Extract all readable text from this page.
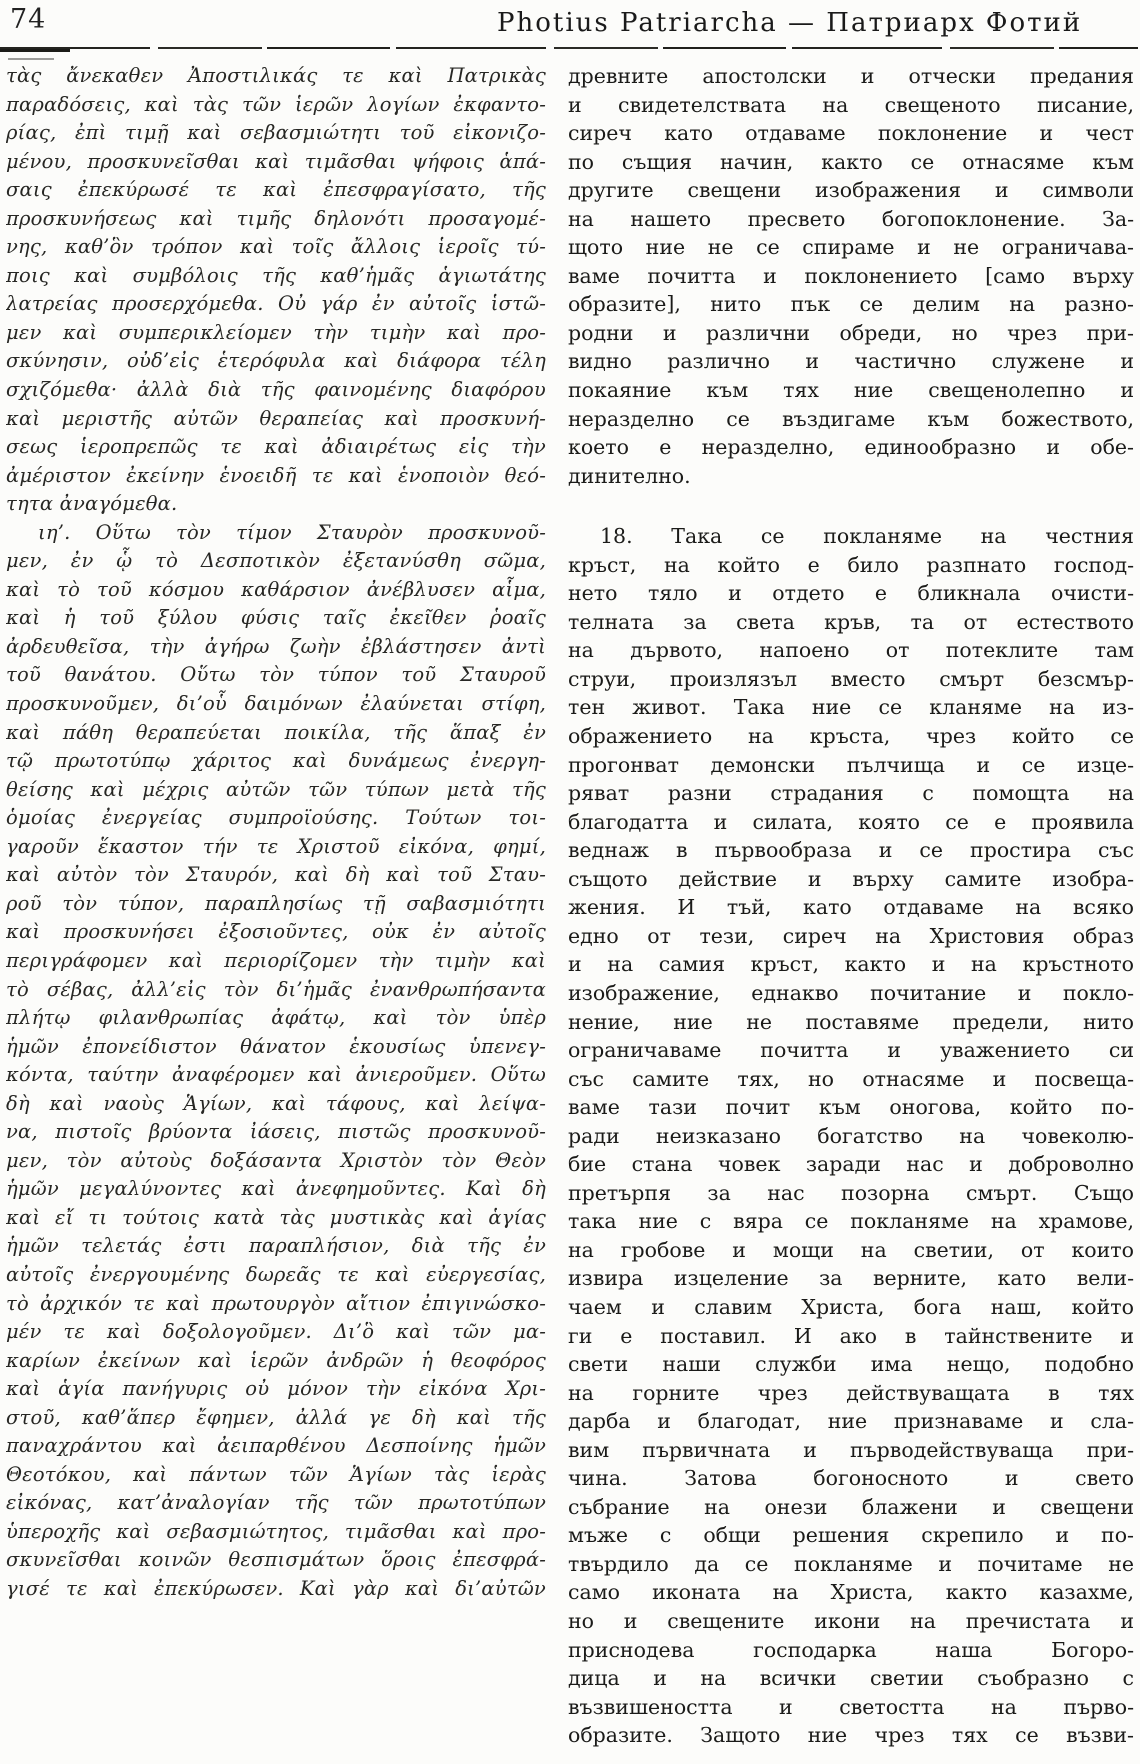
74	Photius Patriarcha — Патриарх Фотий
τὰς ἄνεκαθεν Ἀποστιλικάς τε καὶ Πατρικὰς
παραδόσεις, καὶ τὰς τῶν ἱερῶν λογίων ἐκφαντο-
ρίας, ἐπὶ τιμῇ καὶ σεβασμιώτητι τοῦ εἰκονιζο-
μένου, προσκυνεῖσθαι καὶ τιμᾶσθαι ψήφοις ἁπά-
σαις ἐπεκύρωσέ τε καὶ ἐπεσφραγίσατο, τῆς
προσκυνήσεως καὶ τιμῆς δηλονότι προσαγομέ-
νης, καθ’ὃν τρόπον καὶ τοῖς ἄλλοις ἱεροῖς τύ-
ποις καὶ συμβόλοις τῆς καθ’ἡμᾶς ἁγιωτάτης
λατρείας προσερχόμεθα. Οὐ γάρ ἐν αὐτοῖς ἱστῶ-
μεν καὶ συμπερικλείομεν τὴν τιμὴν καὶ προ-
σκύνησιν, οὐδ’εἰς ἑτερόφυλα καὶ διάφορα τέλη
σχιζόμεθα· ἀλλὰ διὰ τῆς φαινομένης διαφόρου
καὶ μεριστῆς αὐτῶν θεραπείας καὶ προσκυνή-
σεως ἱεροπρεπῶς τε καὶ ἀδιαιρέτως εἰς τὴν
ἀμέριστον ἐκείνην ἑνοειδῆ τε καὶ ἑνοποιὸν θεό-
τητα ἀναγόμεθα.
ιη’. Οὕτω τὸν τίμον Σταυρὸν προσκυνοῦ-
μεν, ἐν ᾧ τὸ Δεσποτικὸν ἐξετανύσθη σῶμα,
καὶ τὸ τοῦ κόσμου καθάρσιον ἀνέβλυσεν αἷμα,
καὶ ἡ τοῦ ξύλου φύσις ταῖς ἐκεῖθεν ῥοαῖς
ἀρδευθεῖσα, τὴν ἀγήρω ζωὴν ἐβλάστησεν ἀντὶ
τοῦ θανάτου. Οὕτω τὸν τύπον τοῦ Σταυροῦ
προσκυνοῦμεν, δι’οὗ δαιμόνων ἐλαύνεται στίφη,
καὶ πάθη θεραπεύεται ποικίλα, τῆς ἅπαξ ἐν
τῷ πρωτοτύπῳ χάριτος καὶ δυνάμεως ἐνεργη-
θείσης καὶ μέχρις αὐτῶν τῶν τύπων μετὰ τῆς
ὁμοίας ἐνεργείας συμπροϊούσης. Τούτων τοι-
γαροῦν ἕκαστον τήν τε Χριστοῦ εἰκόνα, φημί,
καὶ αὐτὸν τὸν Σταυρόν, καὶ δὴ καὶ τοῦ Σταυ-
ροῦ τὸν τύπον, παραπλησίως τῇ σαβασμιότητι
καὶ προσκυνήσει ἐξοσιοῦντες, οὐκ ἐν αὐτοῖς
περιγράφομεν καὶ περιορίζομεν τὴν τιμὴν καὶ
τὸ σέβας, ἀλλ’εἰς τὸν δι’ἡμᾶς ἐνανθρωπήσαντα
πλήτῳ φιλανθρωπίας ἀφάτῳ, καὶ τὸν ὑπὲρ
ἡμῶν ἐπονείδιστον θάνατον ἑκουσίως ὑπενεγ-
κόντα, ταύτην ἀναφέρομεν καὶ ἀνιεροῦμεν. Οὕτω
δὴ καὶ ναοὺς Ἁγίων, καὶ τάφους, καὶ λείψα-
να, πιστοῖς βρύοντα ἰάσεις, πιστῶς προσκυνοῦ-
μεν, τὸν αὐτοὺς δοξάσαντα Χριστὸν τὸν Θεὸν
ἡμῶν μεγαλύνοντες καὶ ἀνεφημοῦντες. Καὶ δὴ
καὶ εἴ τι τούτοις κατὰ τὰς μυστικὰς καὶ ἁγίας
ἡμῶν τελετάς ἐστι παραπλήσιον, διὰ τῆς ἐν
αὐτοῖς ἐνεργουμένης δωρεᾶς τε καὶ εὐεργεσίας,
τὸ ἀρχικόν τε καὶ πρωτουργὸν αἴτιον ἐπιγινώσκο-
μέν τε καὶ δοξολογοῦμεν. Δι’ὃ καὶ τῶν μα-
καρίων ἐκείνων καὶ ἱερῶν ἀνδρῶν ἡ θεοφόρος
καὶ ἁγία πανήγυρις οὐ μόνον τὴν εἰκόνα Χρι-
στοῦ, καθ’ἅπερ ἔφημεν, ἀλλά γε δὴ καὶ τῆς
παναχράντου καὶ ἀειπαρθένου Δεσποίνης ἡμῶν
Θεοτόκου, καὶ πάντων τῶν Ἁγίων τὰς ἱερὰς
εἰκόνας, κατ’ἀναλογίαν τῆς τῶν πρωτοτύπων
ὑπεροχῆς καὶ σεβασμιώτητος, τιμᾶσθαι καὶ προ-
σκυνεῖσθαι κοινῶν θεσπισμάτων ὅροις ἐπεσφρά-
γισέ τε καὶ ἐπεκύρωσεν. Καὶ γὰρ καὶ δι’αὐτῶν
древните апостолски и отчески предания
и свидетелствата на свещеното писание,
сиреч като отдаваме поклонение и чест
по същия начин, както се отнасяме към
другите свещени изображения и символи
на нашето пресвето богопоклонение. За-
щото ние не се спираме и не ограничава-
ваме почитта и поклонението [само върху
образите], нито пък се делим на разно-
родни и различни обреди, но чрез при-
видно различно и частично служене и
покаяние към тях ние свещенолепно и
неразделно се въздигаме към божеството,
което е неразделно, единообразно и обе-
динително.
18. Така се покланяме на честния
кръст, на който е било разпнато господ-
нето тяло и отдето е бликнала очисти-
телната за света кръв, та от естеството
на дървото, напоено от потеклите там
струи, произлязъл вместо смърт безсмър-
тен живот. Така ние се кланяме на из-
ображението на кръста, чрез който се
прогонват демонски пълчища и се изце-
ряват разни страдания с помощта на
благодатта и силата, която се е проявила
веднаж в първообраза и се простира със
същото действие и върху самите изобра-
жения. И тъй, като отдаваме на всяко
едно от тези, сиреч на Христовия образ
и на самия кръст, както и на кръстното
изображение, еднакво почитание и покло-
нение, ние не поставяме предели, нито
ограничаваме почитта и уважението си
със самите тях, но отнасяме и посвеща-
ваме тази почит към оногова, който по-
ради неизказано богатство на човеколю-
бие стана човек заради нас и доброволно
претърпя за нас позорна смърт. Също
така ние с вяра се покланяме на храмове,
на гробове и мощи на светии, от които
извира изцеление за верните, като вели-
чаем и славим Христа, бога наш, който
ги е поставил. И ако в тайнствените и
свети наши служби има нещо, подобно
на горните чрез действуващата в тях
дарба и благодат, ние признаваме и сла-
вим първичната и първодействуваща при-
чина. Затова богоносното и свето
събрание на онези блажени и свещени
мъже с общи решения скрепило и по-
твърдило да се покланяме и почитаме не
само иконата на Христа, както казахме,
но и свещените икони на пречистата и
приснодева господарка наша Богоро-
дица и на всички светии съобразно с
възвишеността и светостта на първо-
образите. Защото ние чрез тях се възви-
